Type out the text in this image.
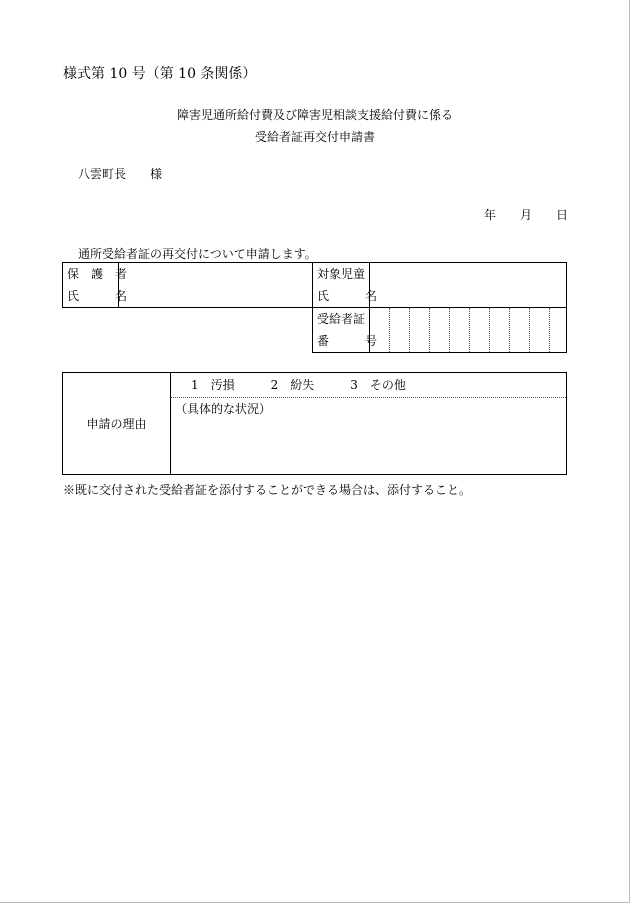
様式第 10 号（第 10 条関係）
障害児通所給付費及び障害児相談支援給付費に係る
受給者証再交付申請書
八雲町長　　様
年 月 日
通所受給者証の再交付について申請します。
保　護　者
氏　　　名
対象児童
氏　　　名
受給者証
番　　　号
申請の理由
1　汚損　　　2　紛失　　　3　その他
（具体的な状況）
※既に交付された受給者証を添付することができる場合は、添付すること。
